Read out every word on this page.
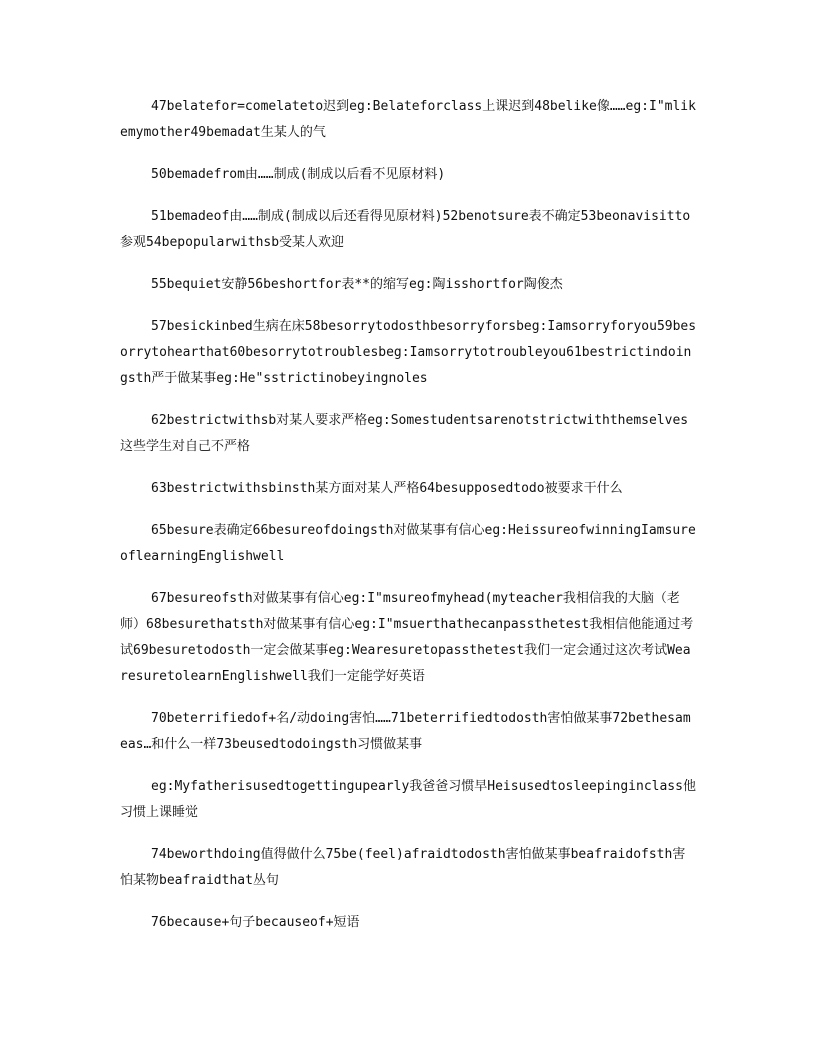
47belatefor=comelateto迟到eg:Belateforclass上课迟到48belike像……eg:I"mlikemymother49bemadat生某人的气

50bemadefrom由……制成(制成以后看不见原材料)

51bemadeof由……制成(制成以后还看得见原材料)52benotsure表不确定53beonavisitto参观54bepopularwithsb受某人欢迎

55bequiet安静56beshortfor表**的缩写eg:陶isshortfor陶俊杰

57besickinbed生病在床58besorrytodosthbesorryforsbeg:Iamsorryforyou59besorrytohearthat60besorrytotroublesbeg:Iamsorrytotroubleyou61bestrictindoingsth严于做某事eg:He"sstrictinobeyingnoles

62bestrictwithsb对某人要求严格eg:Somestudentsarenotstrictwiththemselves这些学生对自己不严格

63bestrictwithsbinsth某方面对某人严格64besupposedtodo被要求干什么

65besure表确定66besureofdoingsth对做某事有信心eg:HeissureofwinningIamsureoflearningEnglishwell

67besureofsth对做某事有信心eg:I"msureofmyhead(myteacher我相信我的大脑（老师）68besurethatsth对做某事有信心eg:I"msuerthathecanpassthetest我相信他能通过考试69besuretodosth一定会做某事eg:Wearesuretopassthetest我们一定会通过这次考试WearesuretolearnEnglishwell我们一定能学好英语

70beterrifiedof+名/动doing害怕……71beterrifiedtodosth害怕做某事72bethesameas…和什么一样73beusedtodoingsth习惯做某事

eg:Myfatherisusedtogettingupearly我爸爸习惯早Heisusedtosleepinginclass他习惯上课睡觉

74beworthdoing值得做什么75be(feel)afraidtodosth害怕做某事beafraidofsth害怕某物beafraidthat丛句

76because+句子becauseof+短语
